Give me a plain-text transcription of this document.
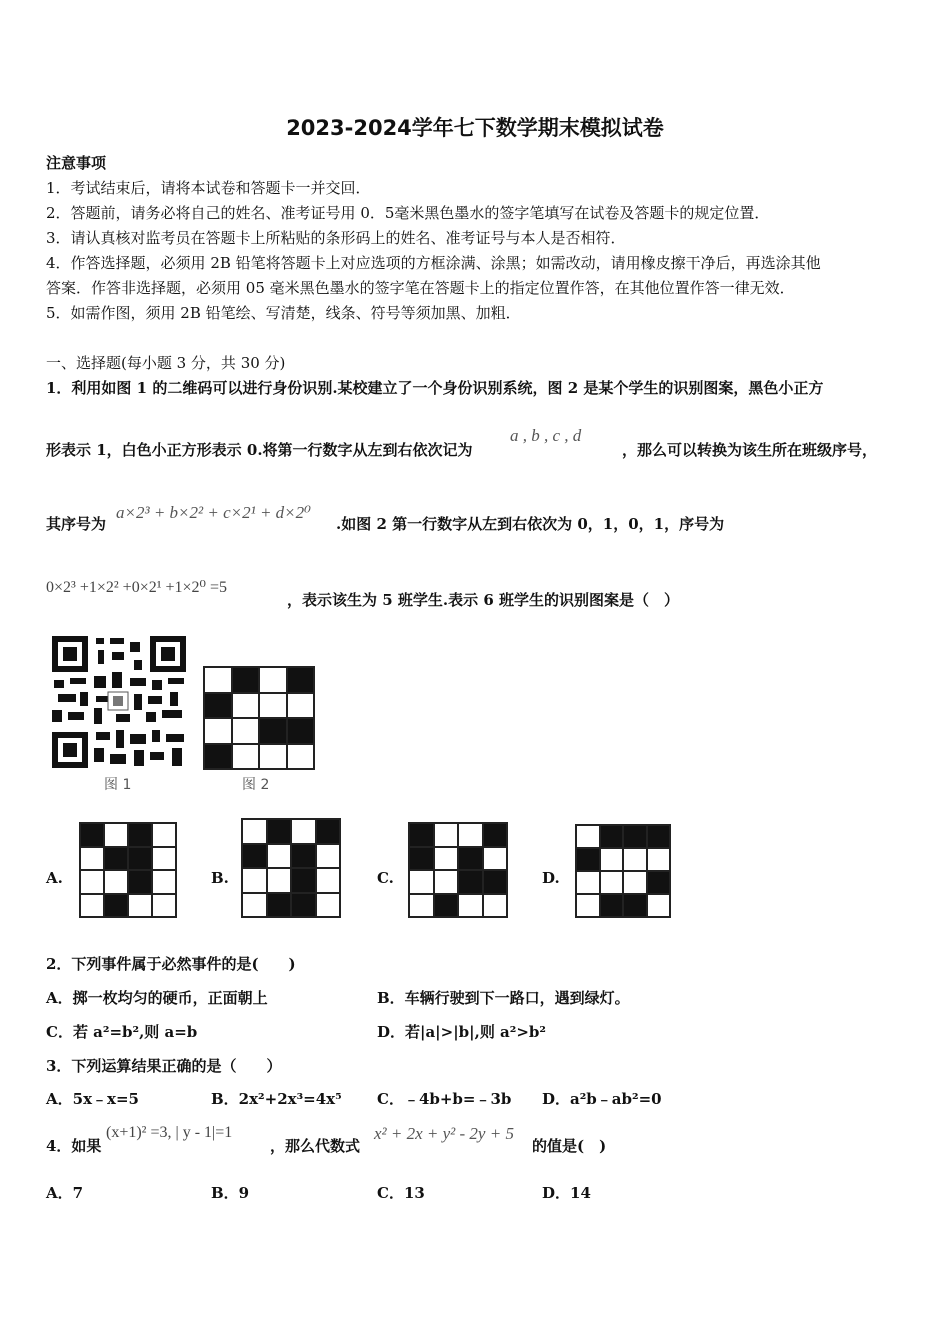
2023-2024学年七下数学期末模拟试卷
注意事项
1．考试结束后，请将本试卷和答题卡一并交回．
2．答题前，请务必将自己的姓名、准考证号用 0．5毫米黑色墨水的签字笔填写在试卷及答题卡的规定位置．
3．请认真核对监考员在答题卡上所粘贴的条形码上的姓名、准考证号与本人是否相符．
4．作答选择题，必须用 2B 铅笔将答题卡上对应选项的方框涂满、涂黑；如需改动，请用橡皮擦干净后，再选涂其他
答案．作答非选择题，必须用 05 毫米黑色墨水的签字笔在答题卡上的指定位置作答，在其他位置作答一律无效．
5．如需作图，须用 2B 铅笔绘、写清楚，线条、符号等须加黑、加粗．
一、选择题(每小题 3 分，共 30 分)
1．利用如图 1 的二维码可以进行身份识别.某校建立了一个身份识别系统，图 2 是某个学生的识别图案，黑色小正方
形表示 1，白色小正方形表示 0.将第一行数字从左到右依次记为
a , b , c , d
，那么可以转换为该生所在班级序号，
其序号为
a×2³ + b×2² + c×2¹ + d×2⁰
.如图 2 第一行数字从左到右依次为 0，1，0，1，序号为
0×2³ +1×2² +0×2¹ +1×2⁰ =5
，表示该生为 5 班学生.表示 6 班学生的识别图案是（　）
图 1	图 2
A.	B.	C.	D.
2．下列事件属于必然事件的是(　　)
A．掷一枚均匀的硬币，正面朝上	B．车辆行驶到下一路口，遇到绿灯。
C．若 a²=b²,则 a=b	D．若|a|>|b|,则 a²>b²
3．下列运算结果正确的是（　　）
A．5x﹣x=5	B．2x²+2x³=4x⁵ C．﹣4b+b=﹣3b D．a²b﹣ab²=0
4．如果
(x+1)² =3, | y - 1|=1
，那么代数式
x² + 2x + y² - 2y + 5
的值是(　)
A．7	B．9	C．13	D．14
